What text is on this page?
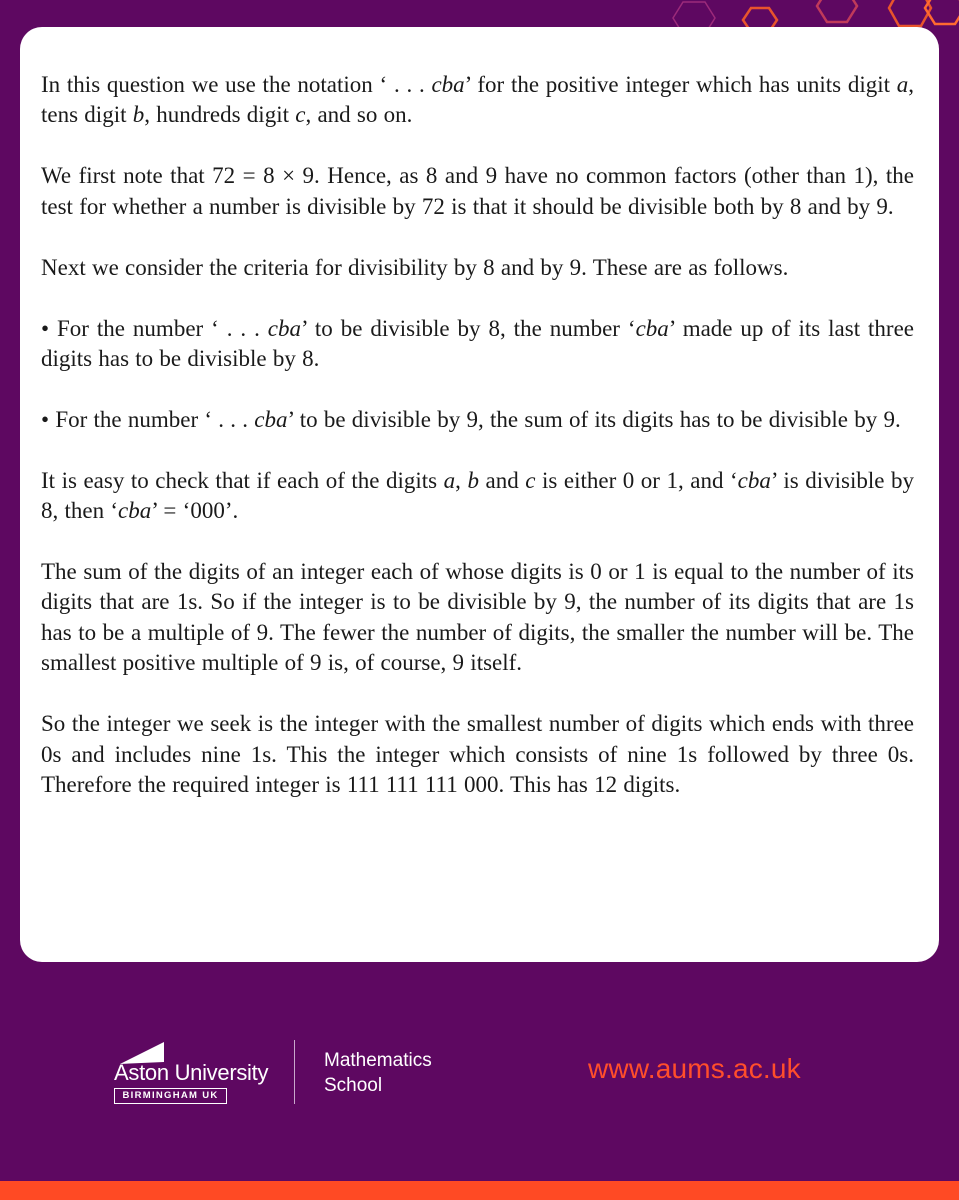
In this question we use the notation ‘ . . . cba’ for the positive integer which has units digit a, tens digit b, hundreds digit c, and so on.

We first note that 72 = 8 × 9. Hence, as 8 and 9 have no common factors (other than 1), the test for whether a number is divisible by 72 is that it should be divisible both by 8 and by 9.

Next we consider the criteria for divisibility by 8 and by 9. These are as follows.

• For the number ‘ . . . cba’ to be divisible by 8, the number ‘cba’ made up of its last three digits has to be divisible by 8.

• For the number ‘ . . . cba’ to be divisible by 9, the sum of its digits has to be divisible by 9.

It is easy to check that if each of the digits a, b and c is either 0 or 1, and ‘cba’ is divisible by 8, then ‘cba’ = ‘000’.

The sum of the digits of an integer each of whose digits is 0 or 1 is equal to the number of its digits that are 1s. So if the integer is to be divisible by 9, the number of its digits that are 1s has to be a multiple of 9. The fewer the number of digits, the smaller the number will be. The smallest positive multiple of 9 is, of course, 9 itself.

So the integer we seek is the integer with the smallest number of digits which ends with three 0s and includes nine 1s. This the integer which consists of nine 1s followed by three 0s. Therefore the required integer is 111 111 111 000. This has 12 digits.

Aston University
BIRMINGHAM UK
Mathematics
School
www.aums.ac.uk
